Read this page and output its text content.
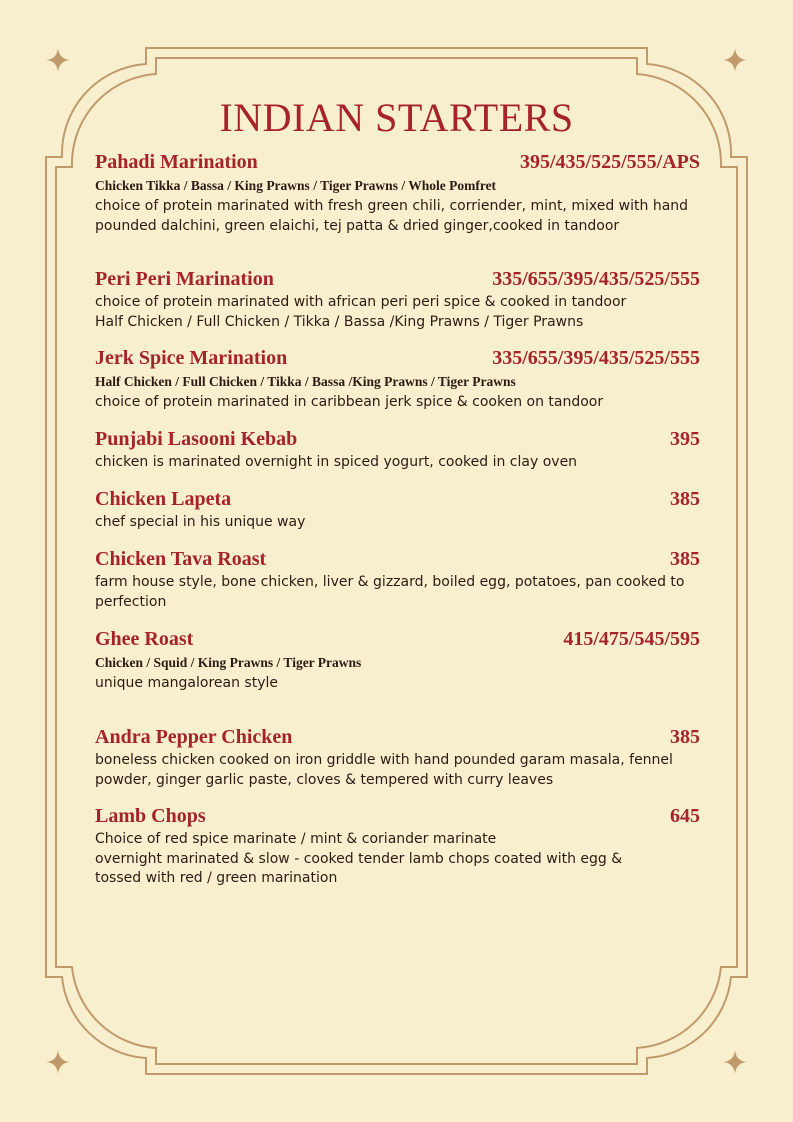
INDIAN STARTERS
Pahadi Marination	395/435/525/555/APS
Chicken Tikka / Bassa / King Prawns / Tiger Prawns / Whole Pomfret
choice of protein marinated with fresh green chili, corriender, mint, mixed with hand pounded dalchini, green elaichi, tej patta & dried ginger,cooked in tandoor
Peri Peri Marination	335/655/395/435/525/555
choice of protein marinated with african peri peri spice & cooked in tandoor
Half Chicken / Full Chicken / Tikka / Bassa /King Prawns / Tiger Prawns
Jerk Spice Marination	335/655/395/435/525/555
Half Chicken / Full Chicken / Tikka / Bassa /King Prawns / Tiger Prawns
choice of protein marinated in caribbean jerk spice & cooken on tandoor
Punjabi Lasooni Kebab	395
chicken is marinated overnight in spiced yogurt, cooked in clay oven
Chicken Lapeta	385
chef special in his unique way
Chicken Tava Roast	385
farm house style, bone chicken, liver & gizzard, boiled egg, potatoes, pan cooked to perfection
Ghee Roast	415/475/545/595
Chicken / Squid / King Prawns / Tiger Prawns
unique mangalorean style
Andra Pepper Chicken	385
boneless chicken cooked on iron griddle with hand pounded garam masala, fennel powder, ginger garlic paste, cloves & tempered with curry leaves
Lamb Chops	645
Choice of red spice marinate / mint & coriander marinate
overnight marinated & slow - cooked tender lamb chops coated with egg &
tossed with red / green marination
